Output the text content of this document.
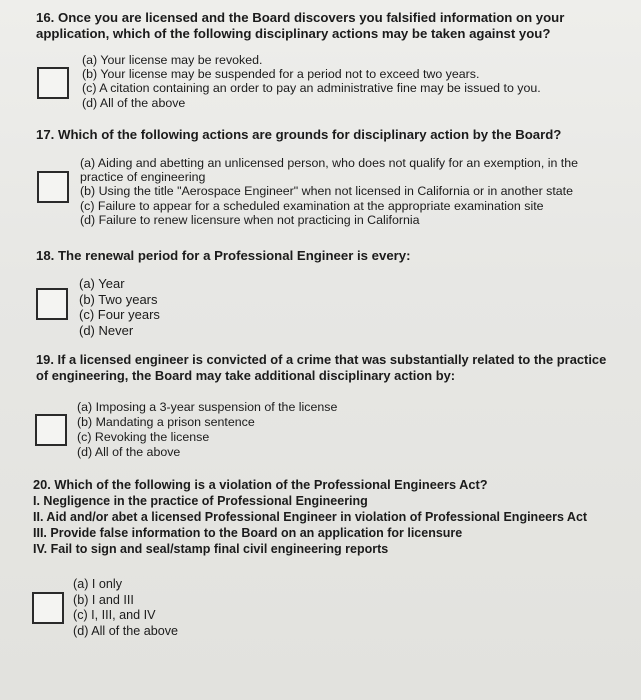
16. Once you are licensed and the Board discovers you falsified information on your
application, which of the following disciplinary actions may be taken against you?
(a) Your license may be revoked.
(b) Your license may be suspended for a period not to exceed two years.
(c) A citation containing an order to pay an administrative fine may be issued to you.
(d) All of the above
17. Which of the following actions are grounds for disciplinary action by the Board?
(a) Aiding and abetting an unlicensed person, who does not qualify for an exemption, in the practice of engineering
(b) Using the title "Aerospace Engineer" when not licensed in California or in another state
(c) Failure to appear for a scheduled examination at the appropriate examination site
(d) Failure to renew licensure when not practicing in California
18. The renewal period for a Professional Engineer is every:
(a) Year
(b) Two years
(c) Four years
(d) Never
19. If a licensed engineer is convicted of a crime that was substantially related to the practice
of engineering, the Board may take additional disciplinary action by:
(a) Imposing a 3-year suspension of the license
(b) Mandating a prison sentence
(c) Revoking the license
(d) All of the above
20. Which of the following is a violation of the Professional Engineers Act?
I. Negligence in the practice of Professional Engineering
II. Aid and/or abet a licensed Professional Engineer in violation of Professional Engineers Act
III. Provide false information to the Board on an application for licensure
IV. Fail to sign and seal/stamp final civil engineering reports
(a) I only
(b) I and III
(c) I, III, and IV
(d) All of the above
